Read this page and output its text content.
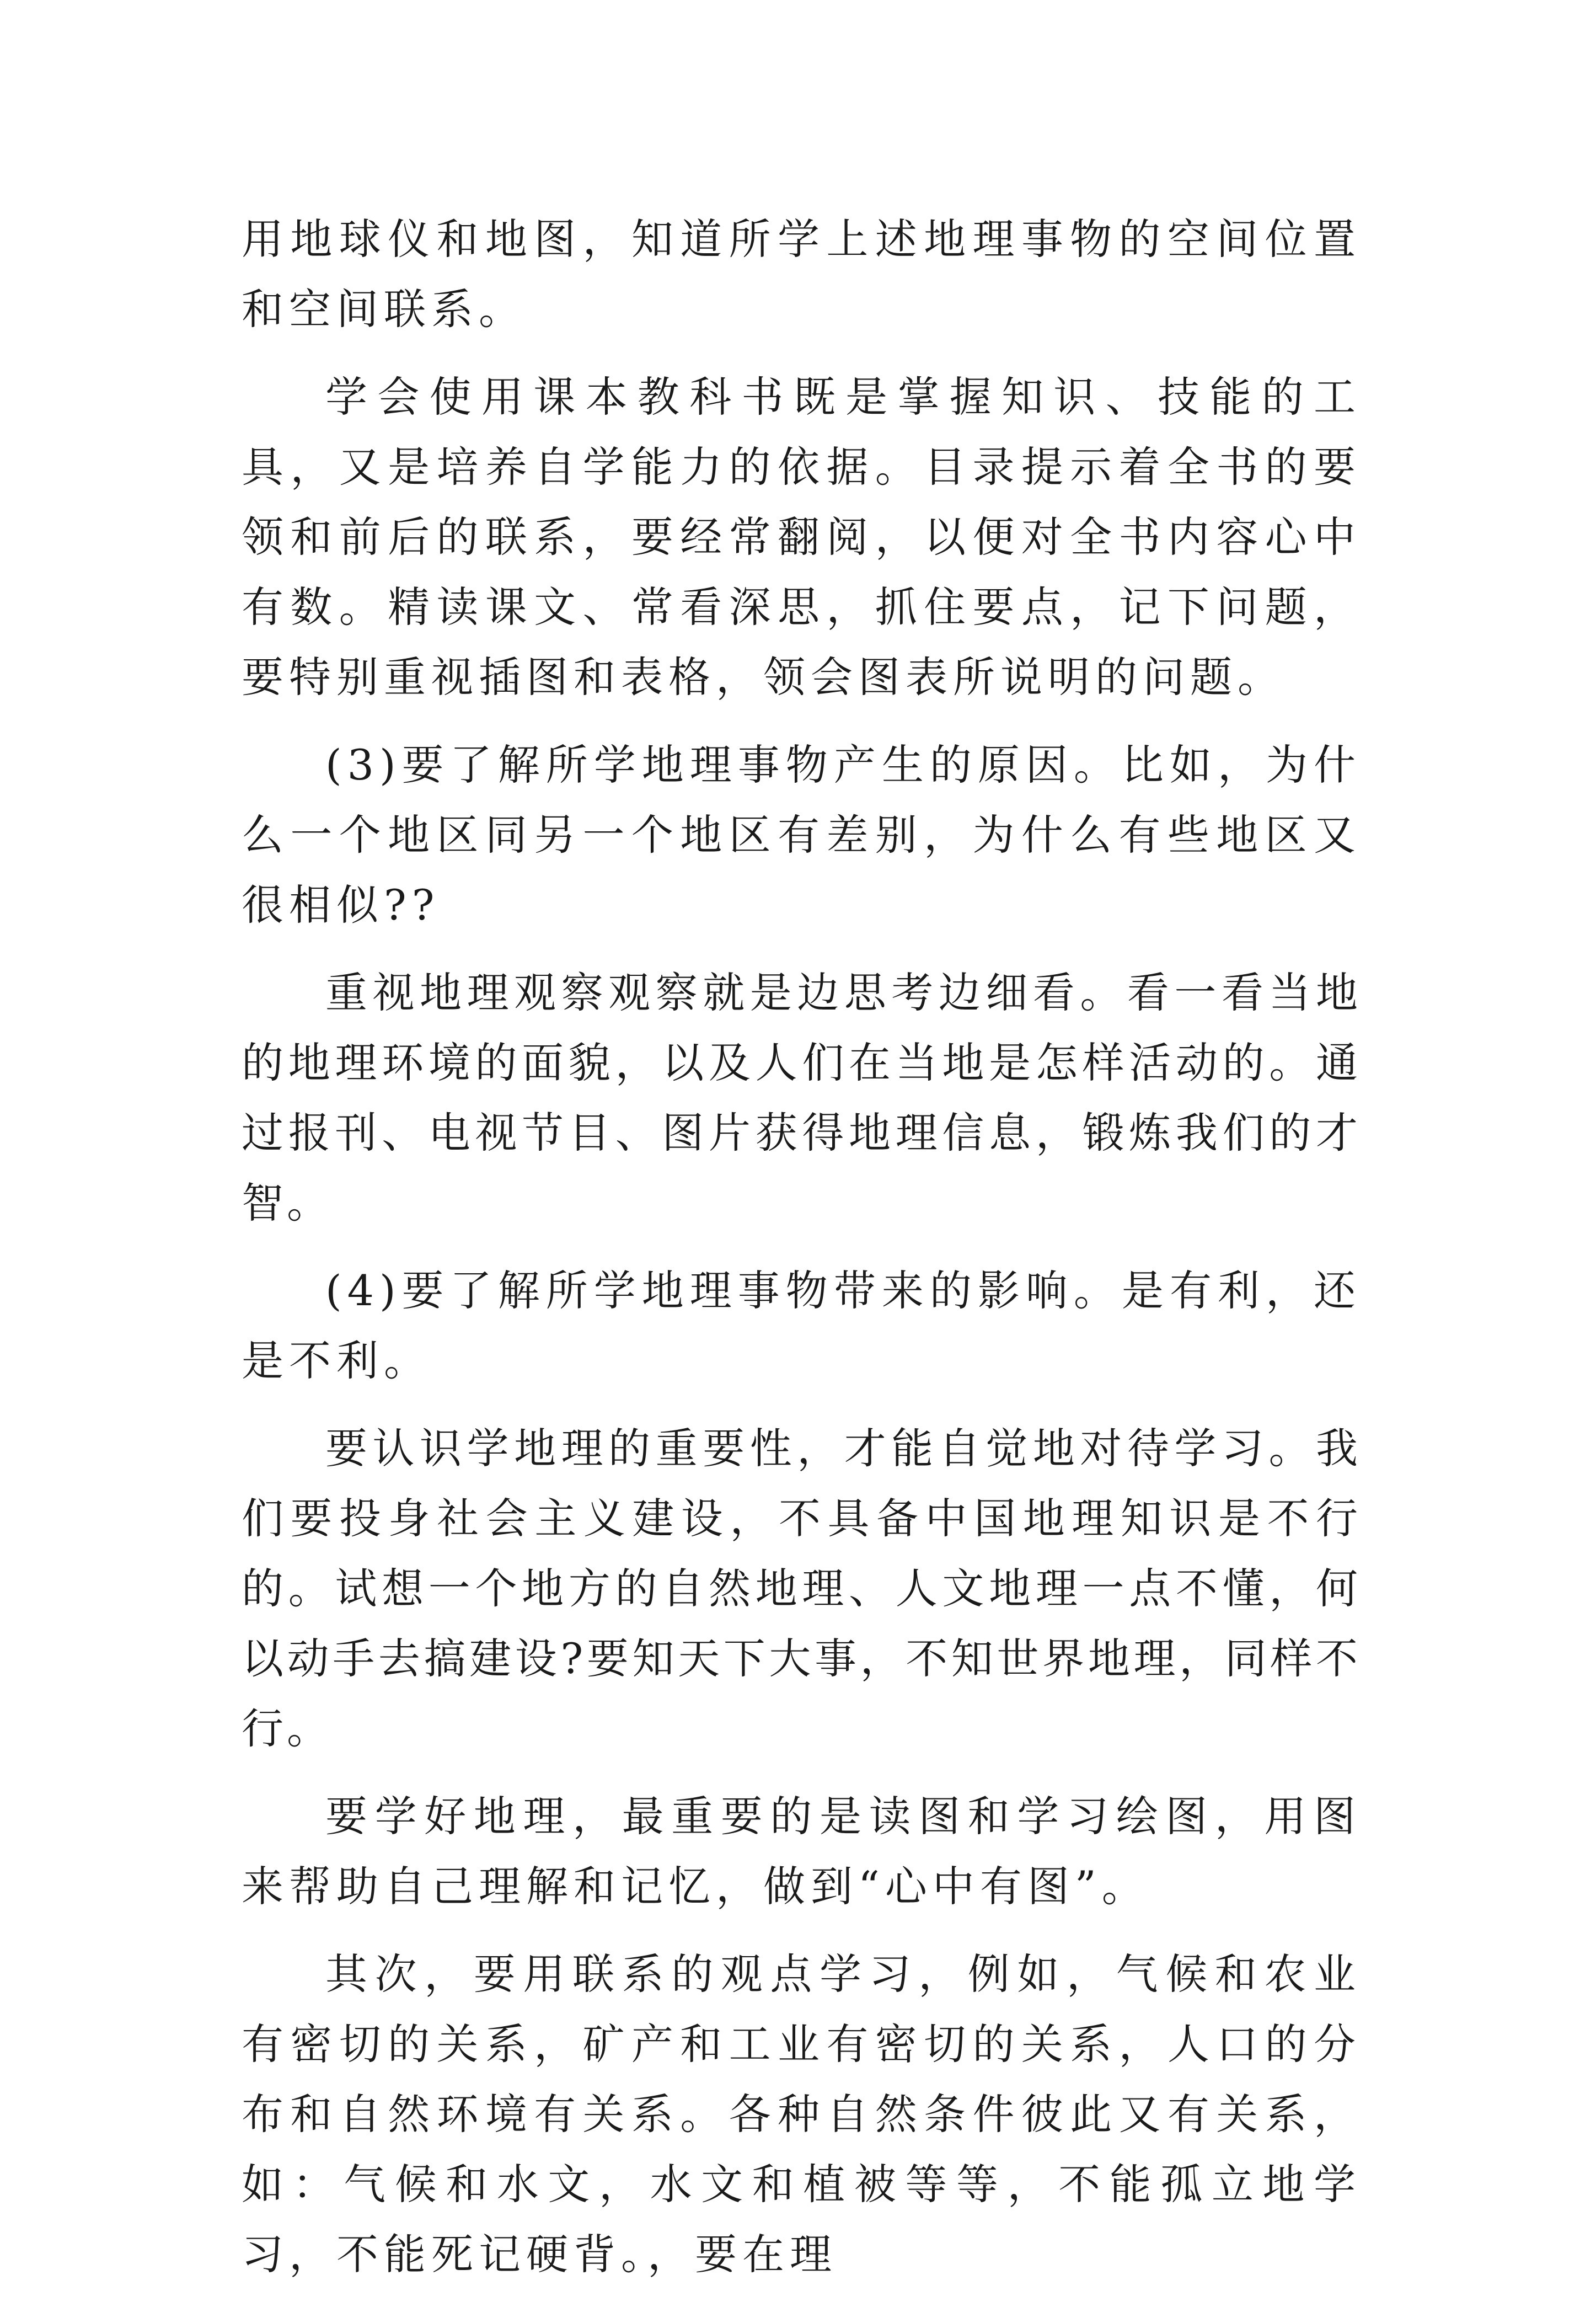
用地球仪和地图，知道所学上述地理事物的空间位置和空间联系。

学会使用课本教科书既是掌握知识、技能的工具，又是培养自学能力的依据。目录提示着全书的要领和前后的联系，要经常翻阅，以便对全书内容心中有数。精读课文、常看深思，抓住要点，记下问题，要特别重视插图和表格，领会图表所说明的问题。

(3)要了解所学地理事物产生的原因。比如，为什么一个地区同另一个地区有差别，为什么有些地区又很相似??

重视地理观察观察就是边思考边细看。看一看当地的地理环境的面貌，以及人们在当地是怎样活动的。通过报刊、电视节目、图片获得地理信息，锻炼我们的才智。

(4)要了解所学地理事物带来的影响。是有利，还是不利。

要认识学地理的重要性，才能自觉地对待学习。我们要投身社会主义建设，不具备中国地理知识是不行的。试想一个地方的自然地理、人文地理一点不懂，何以动手去搞建设?要知天下大事，不知世界地理，同样不行。

要学好地理，最重要的是读图和学习绘图，用图来帮助自己理解和记忆，做到“心中有图”。

其次，要用联系的观点学习，例如，气候和农业有密切的关系，矿产和工业有密切的关系，人口的分布和自然环境有关系。各种自然条件彼此又有关系，如：气候和水文，水文和植被等等，不能孤立地学习，不能死记硬背。，要在理
